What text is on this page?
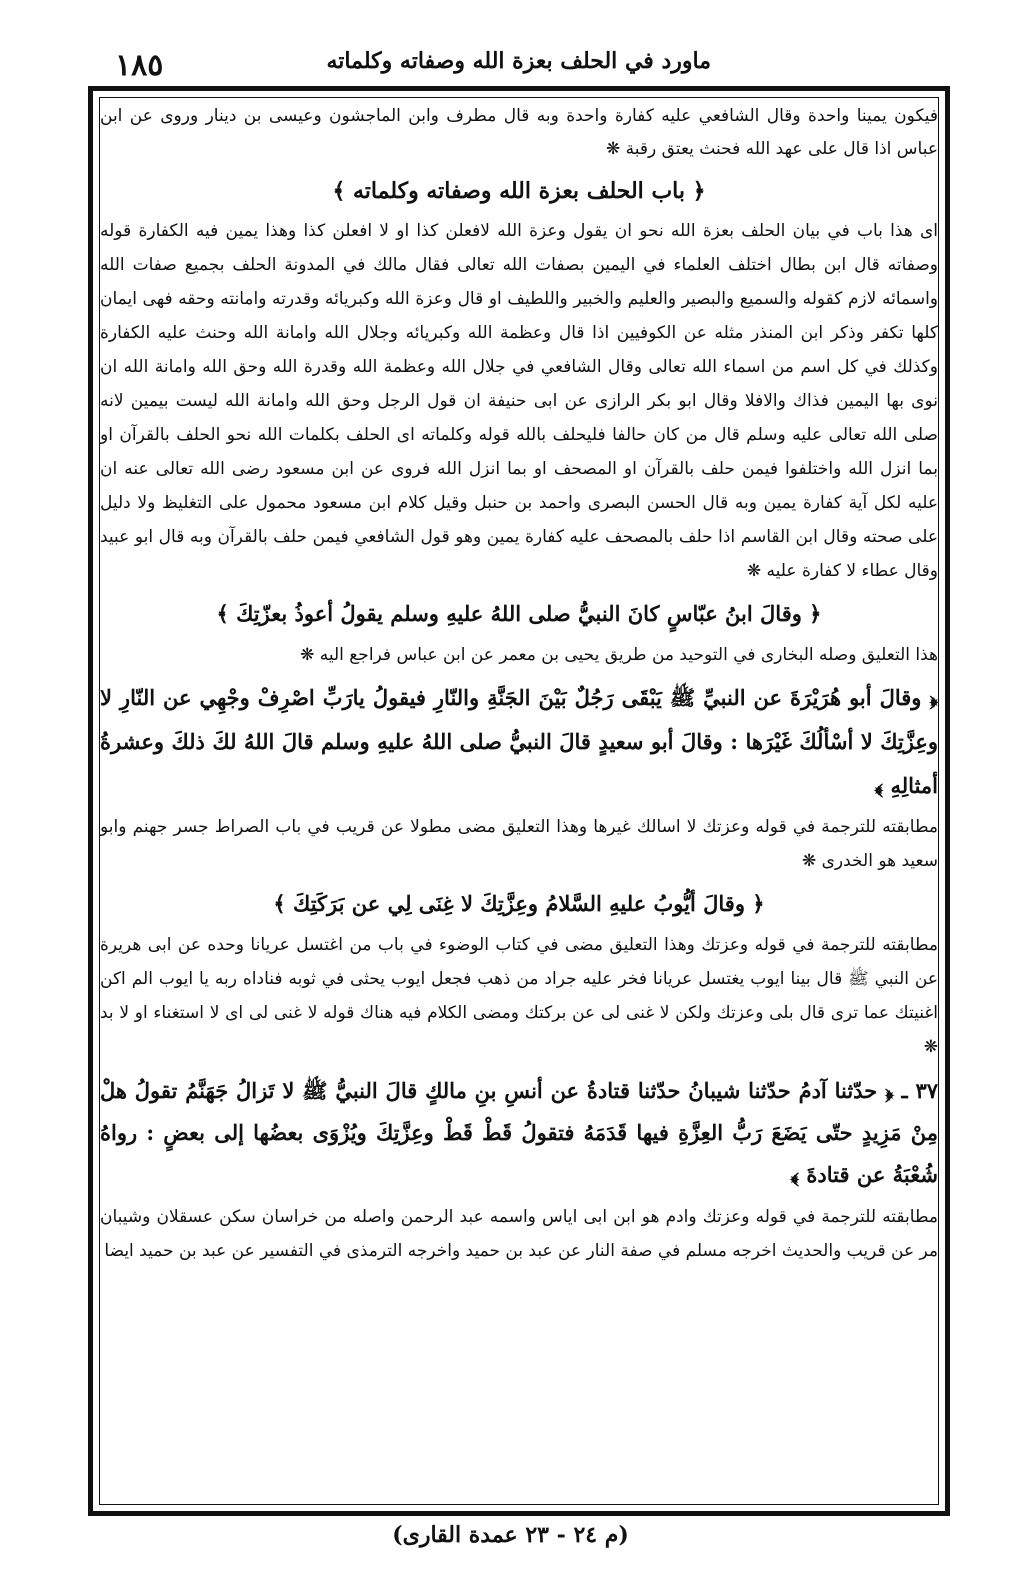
١٨٥	ماورد في الحلف بعزة الله وصفاته وكلماته

فيكون يمينا واحدة وقال الشافعي عليه كفارة واحدة وبه قال مطرف وابن الماجشون وعيسى بن دينار وروى عن ابن عباس اذا قال على عهد الله فحنث يعتق رقبة ❋

﴿ باب الحلف بعزة الله وصفاته وكلماته ﴾

اى هذا باب في بيان الحلف بعزة الله نحو ان يقول وعزة الله لافعلن كذا او لا افعلن كذا وهذا يمين فيه الكفارة قوله وصفاته قال ابن بطال اختلف العلماء في اليمين بصفات الله تعالى فقال مالك في المدونة الحلف بجميع صفات الله واسمائه لازم كقوله والسميع والبصير والعليم والخبير واللطيف او قال وعزة الله وكبريائه وقدرته وامانته وحقه فهى ايمان كلها تكفر وذكر ابن المنذر مثله عن الكوفيين اذا قال وعظمة الله وكبريائه وجلال الله وامانة الله وحنث عليه الكفارة وكذلك في كل اسم من اسماء الله تعالى وقال الشافعي في جلال الله وعظمة الله وقدرة الله وحق الله وامانة الله ان نوى بها اليمين فذاك والافلا وقال ابو بكر الرازى عن ابى حنيفة ان قول الرجل وحق الله وامانة الله ليست بيمين لانه صلى الله تعالى عليه وسلم قال من كان حالفا فليحلف بالله قوله وكلماته اى الحلف بكلمات الله نحو الحلف بالقرآن او بما انزل الله واختلفوا فيمن حلف بالقرآن او المصحف او بما انزل الله فروى عن ابن مسعود رضى الله تعالى عنه ان عليه لكل آية كفارة يمين وبه قال الحسن البصرى واحمد بن حنبل وقيل كلام ابن مسعود محمول على التغليظ ولا دليل على صحته وقال ابن القاسم اذا حلف بالمصحف عليه كفارة يمين وهو قول الشافعي فيمن حلف بالقرآن وبه قال ابو عبيد وقال عطاء لا كفارة عليه ❋

﴿ وقالَ ابنُ عبّاسٍ كانَ النبيُّ صلى اللهُ عليهِ وسلم يقولُ أعوذُ بعزّتِكَ ﴾

هذا التعليق وصله البخارى في التوحيد من طريق يحيى بن معمر عن ابن عباس فراجع اليه ❋

﴿ وقالَ أبو هُرَيْرَةَ عن النبيِّ ﷺ يَبْقَى رَجُلٌ بَيْنَ الجَنَّةِ والنّارِ فيقولُ يارَبِّ اصْرِفْ وجْهِي عن النّارِ لا وعِزَّتِكَ لا أسْألُكَ غَيْرَها : وقالَ أبو سعيدٍ قالَ النبيُّ صلى اللهُ عليهِ وسلم قالَ اللهُ لكَ ذلكَ وعشرةُ أمثالِهِ ﴾

مطابقته للترجمة في قوله وعزتك لا اسالك غيرها وهذا التعليق مضى مطولا عن قريب في باب الصراط جسر جهنم وابو سعيد هو الخدرى ❋

﴿ وقالَ أيُّوبُ عليهِ السَّلامُ وعِزَّتِكَ لا غِنَى لِي عن بَرَكَتِكَ ﴾

مطابقته للترجمة في قوله وعزتك وهذا التعليق مضى في كتاب الوضوء في باب من اغتسل عريانا وحده عن ابى هريرة عن النبي ﷺ قال بينا ايوب يغتسل عريانا فخر عليه جراد من ذهب فجعل ايوب يحثى في ثوبه فناداه ربه يا ايوب الم اكن اغنيتك عما ترى قال بلى وعزتك ولكن لا غنى لى عن بركتك ومضى الكلام فيه هناك قوله لا غنى لى اى لا استغناء او لا بد ❋

٣٧ ـ ﴿ حدّثنا آدمُ حدّثنا شيبانُ حدّثنا قتادةُ عن أنسِ بنِ مالكٍ قالَ النبيُّ ﷺ لا تَزالُ جَهَنَّمُ تقولُ هلْ مِنْ مَزِيدٍ حتّى يَضَعَ رَبُّ العِزَّةِ فيها قَدَمَهُ فتقولُ قَطْ قَطْ وعِزَّتِكَ ويُزْوَى بعضُها إلى بعضٍ : رواهُ شُعْبَةُ عن قتادةَ ﴾

مطابقته للترجمة في قوله وعزتك وادم هو ابن ابى اياس واسمه عبد الرحمن واصله من خراسان سكن عسقلان وشيبان مر عن قريب والحديث اخرجه مسلم في صفة النار عن عبد بن حميد واخرجه الترمذى في التفسير عن عبد بن حميد ايضا

(م ٢٤ - ٢٣ عمدة القارى)
